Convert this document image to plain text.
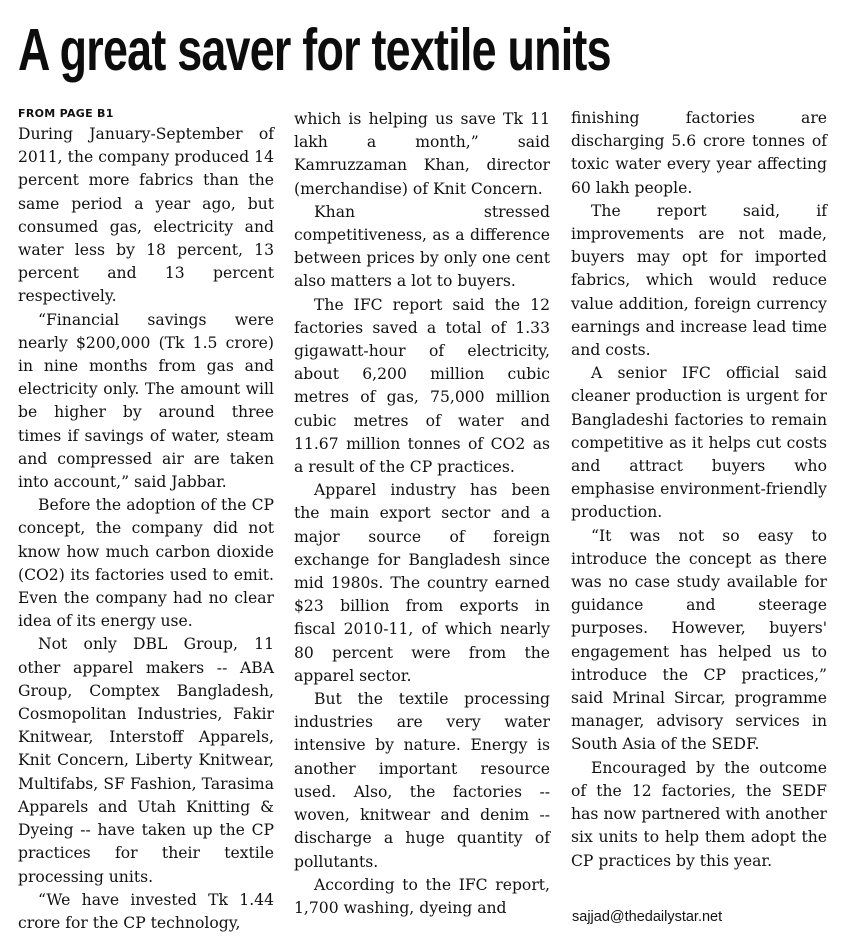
A great saver for textile units
FROM PAGE B1

During January-September of 2011, the company produced 14 percent more fabrics than the same period a year ago, but consumed gas, electricity and water less by 18 percent, 13 percent and 13 percent respectively.

“Financial savings were nearly $200,000 (Tk 1.5 crore) in nine months from gas and electricity only. The amount will be higher by around three times if savings of water, steam and compressed air are taken into account,” said Jabbar.

Before the adoption of the CP concept, the company did not know how much carbon dioxide (CO2) its factories used to emit. Even the company had no clear idea of its energy use.

Not only DBL Group, 11 other apparel makers -- ABA Group, Comptex Bangladesh, Cosmopolitan Industries, Fakir Knitwear, Interstoff Apparels, Knit Concern, Liberty Knitwear, Multifabs, SF Fashion, Tarasima Apparels and Utah Knitting & Dyeing -- have taken up the CP practices for their textile processing units.

“We have invested Tk 1.44 crore for the CP technology,

which is helping us save Tk 11 lakh a month,” said Kamruzzaman Khan, director (merchandise) of Knit Concern.

Khan stressed competitiveness, as a difference between prices by only one cent also matters a lot to buyers.

The IFC report said the 12 factories saved a total of 1.33 gigawatt-hour of electricity, about 6,200 million cubic metres of gas, 75,000 million cubic metres of water and 11.67 million tonnes of CO2 as a result of the CP practices.

Apparel industry has been the main export sector and a major source of foreign exchange for Bangladesh since mid 1980s. The country earned $23 billion from exports in fiscal 2010-11, of which nearly 80 percent were from the apparel sector.

But the textile processing industries are very water intensive by nature. Energy is another important resource used. Also, the factories -- woven, knitwear and denim -- discharge a huge quantity of pollutants.

According to the IFC report, 1,700 washing, dyeing and

finishing factories are discharging 5.6 crore tonnes of toxic water every year affecting 60 lakh people.

The report said, if improvements are not made, buyers may opt for imported fabrics, which would reduce value addition, foreign currency earnings and increase lead time and costs.

A senior IFC official said cleaner production is urgent for Bangladeshi factories to remain competitive as it helps cut costs and attract buyers who emphasise environment-friendly production.

“It was not so easy to introduce the concept as there was no case study available for guidance and steerage purposes. However, buyers' engagement has helped us to introduce the CP practices,” said Mrinal Sircar, programme manager, advisory services in South Asia of the SEDF.

Encouraged by the outcome of the 12 factories, the SEDF has now partnered with another six units to help them adopt the CP practices by this year.

sajjad@thedailystar.net
